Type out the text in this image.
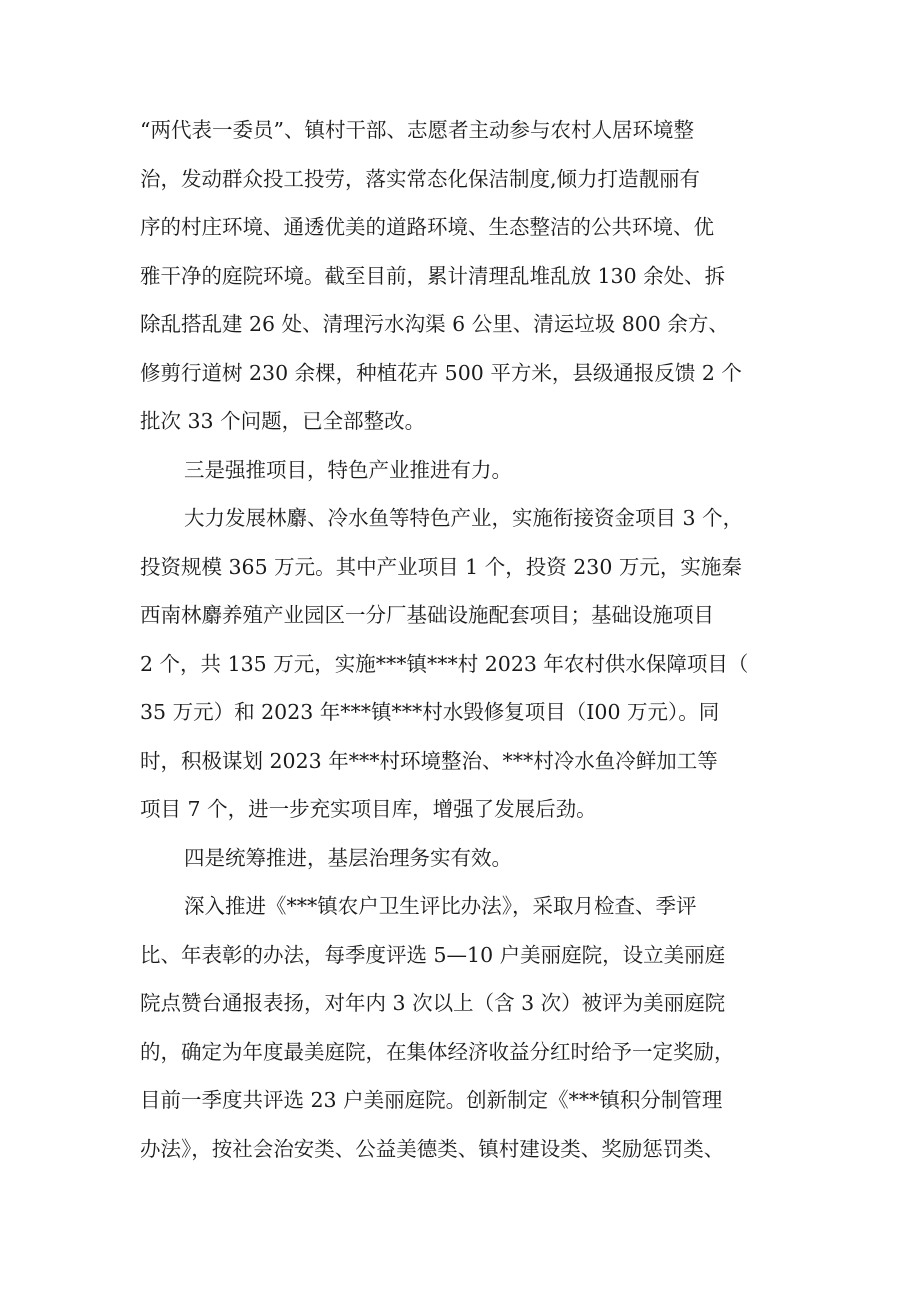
“两代表一委员”、镇村干部、志愿者主动参与农村人居环境整
治，发动群众投工投劳，落实常态化保洁制度,倾力打造靓丽有
序的村庄环境、通透优美的道路环境、生态整洁的公共环境、优
雅干净的庭院环境。截至目前，累计清理乱堆乱放 130 余处、拆
除乱搭乱建 26 处、清理污水沟渠 6 公里、清运垃圾 800 余方、
修剪行道树 230 余棵，种植花卉 500 平方米，县级通报反馈 2 个
批次 33 个问题，已全部整改。
三是强推项目，特色产业推进有力。
大力发展林麝、冷水鱼等特色产业，实施衔接资金项目 3 个，
投资规模 365 万元。其中产业项目 1 个，投资 230 万元，实施秦
西南林麝养殖产业园区一分厂基础设施配套项目；基础设施项目
2 个，共 135 万元，实施***镇***村 2023 年农村供水保障项目（
35 万元）和 2023 年***镇***村水毁修复项目（I00 万元）。同
时，积极谋划 2023 年***村环境整治、***村冷水鱼冷鲜加工等
项目 7 个，进一步充实项目库，增强了发展后劲。
四是统筹推进，基层治理务实有效。
深入推进《***镇农户卫生评比办法》，采取月检查、季评
比、年表彰的办法，每季度评选 5—10 户美丽庭院，设立美丽庭
院点赞台通报表扬，对年内 3 次以上（含 3 次）被评为美丽庭院
的，确定为年度最美庭院，在集体经济收益分红时给予一定奖励，
目前一季度共评选 23 户美丽庭院。创新制定《***镇积分制管理
办法》，按社会治安类、公益美德类、镇村建设类、奖励惩罚类、
